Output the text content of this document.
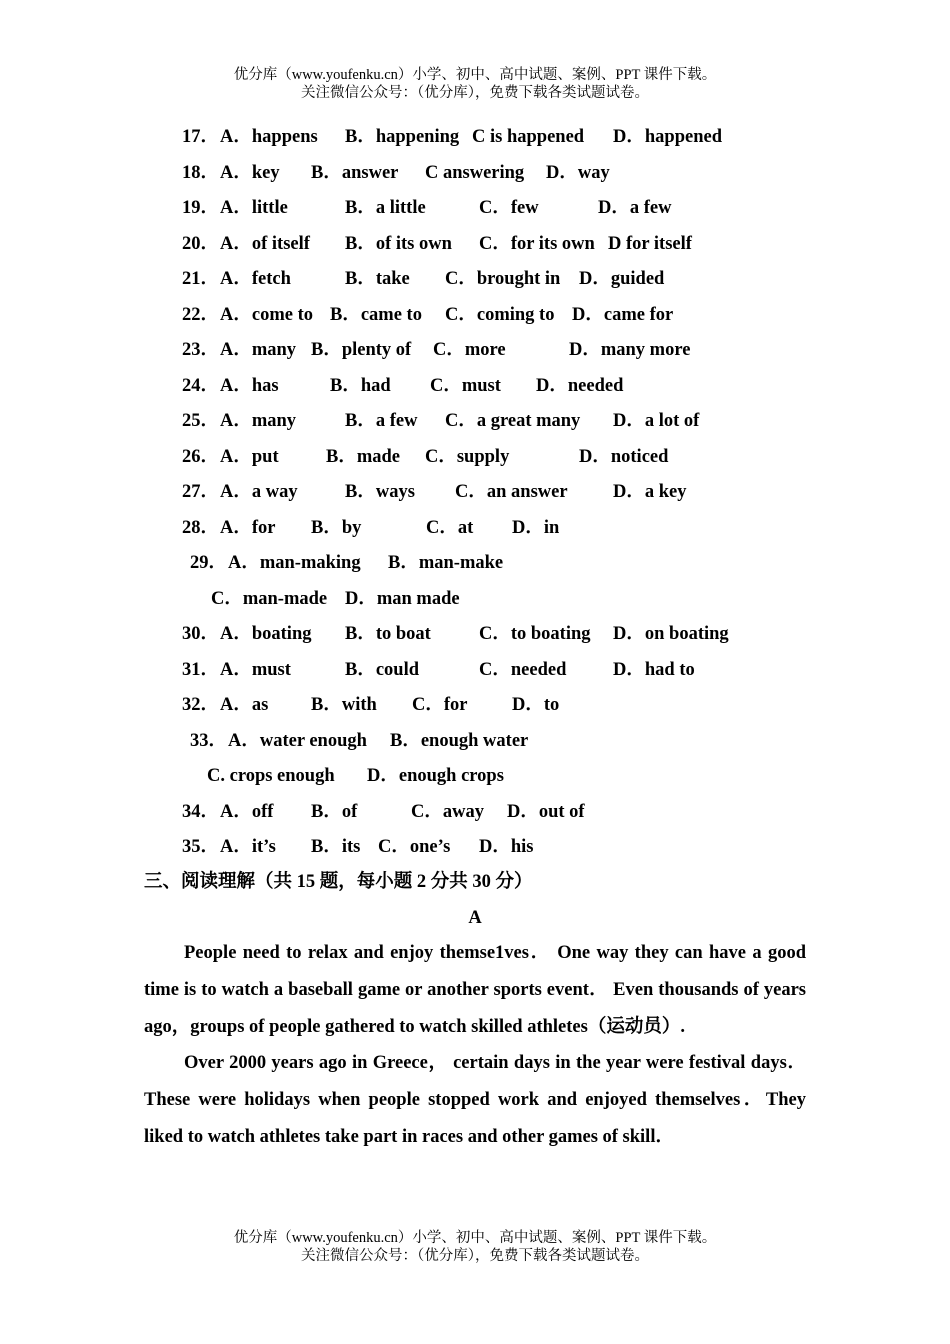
优分库（www.youfenku.cn）小学、初中、高中试题、案例、PPT 课件下载。
关注微信公众号：（优分库），免费下载各类试题试卷。
17． A．happens B．happening C is happened D．happened
18． A．key B．answer C answering D．way
19． A．little	B．a little	C．few	D．a few
20． A．of itself B．of its own C．for its own D for itself
21． A．fetch	B．take C．brought in D．guided
22． A．come to B．came to C．coming to D．came for
23． A．many B．plenty of C．more	D．many more
24． A．has	B．had C．must D．needed
25． A．many	B．a few C．a great many D．a lot of
26． A．put	B．made C．supply	D．noticed
27． A．a way	B．ways C．an answer D．a key
28． A．for B．by	C．at D．in
29． A．man-making B．man-make
C．man-made D．man made
30． A．boating B．to boat	C．to boating D．on boating
31． A．must	B．could	C．needed	D．had to
32． A．as B．with C．for D．to
33． A．water enough B．enough water
C. crops enough D．enough crops
34． A．off B．of	C．away D．out of
35． A．it’s B．its C．one’s D．his
三、阅读理解（共 15 题，每小题 2 分共 30 分）
A

People need to relax and enjoy themse1ves． One way they can have a good time is to watch a baseball game or another sports event． Even thousands of years ago，groups of people gathered to watch skilled athletes（运动员）.

Over 2000 years ago in Greece， certain days in the year were festival days． These were holidays when people stopped work and enjoyed themselves．They liked to watch athletes take part in races and other games of skill．

优分库（www.youfenku.cn）小学、初中、高中试题、案例、PPT 课件下载。
关注微信公众号：（优分库），免费下载各类试题试卷。
